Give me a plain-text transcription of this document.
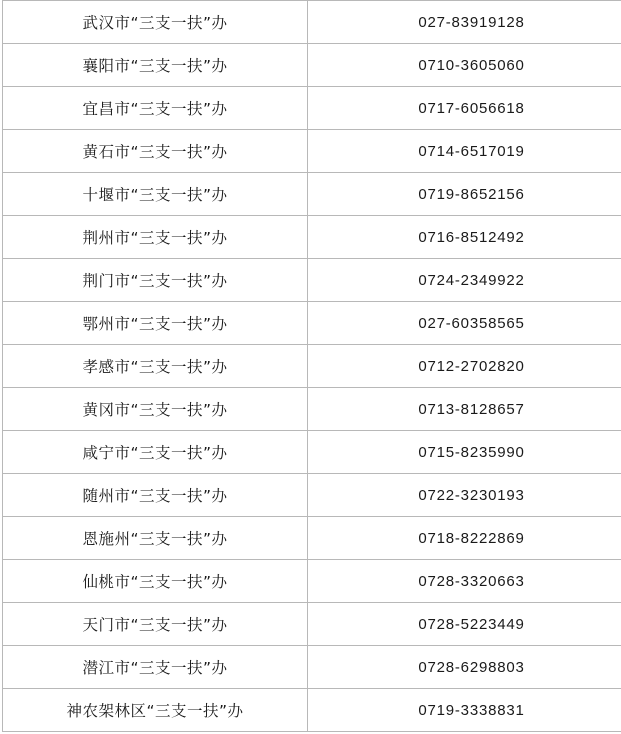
武汉市“三支一扶”办	027-83919128
襄阳市“三支一扶”办	0710-3605060
宜昌市“三支一扶”办	0717-6056618
黄石市“三支一扶”办	0714-6517019
十堰市“三支一扶”办	0719-8652156
荆州市“三支一扶”办	0716-8512492
荆门市“三支一扶”办	0724-2349922
鄂州市“三支一扶”办	027-60358565
孝感市“三支一扶”办	0712-2702820
黄冈市“三支一扶”办	0713-8128657
咸宁市“三支一扶”办	0715-8235990
随州市“三支一扶”办	0722-3230193
恩施州“三支一扶”办	0718-8222869
仙桃市“三支一扶”办	0728-3320663
天门市“三支一扶”办	0728-5223449
潜江市“三支一扶”办	0728-6298803
神农架林区“三支一扶”办	0719-3338831
